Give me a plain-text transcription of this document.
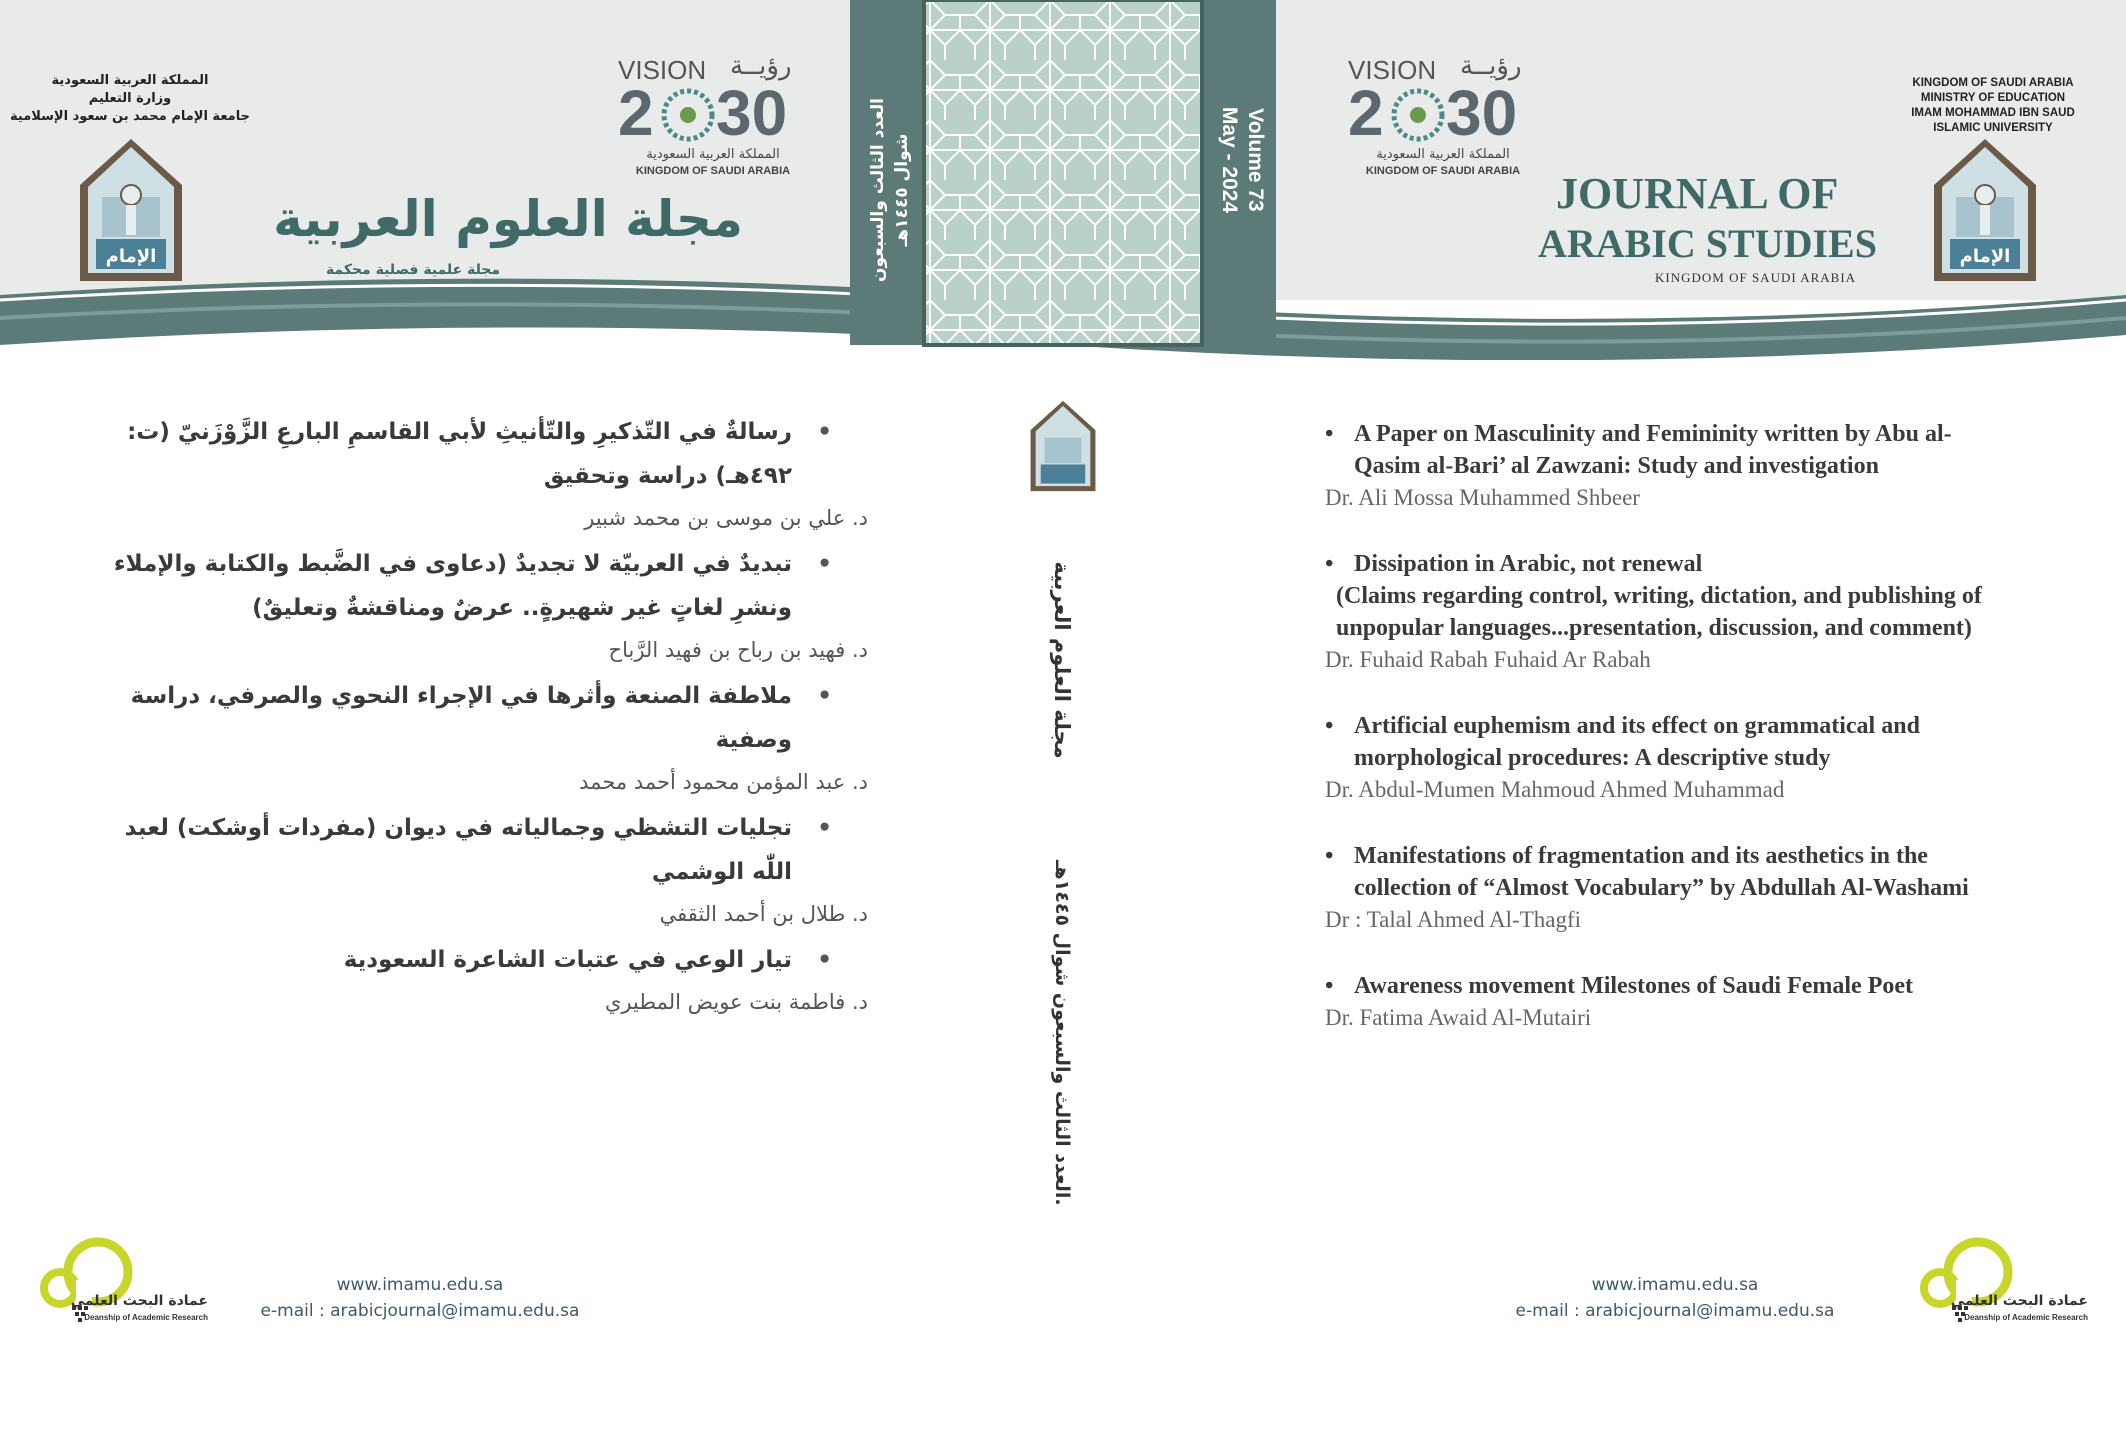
المملكة العربية السعودية
وزارة التعليم
جامعة الإمام محمد بن سعود الإسلامية
الإمام
VISION رؤيــة
2 30
المملكة العربية السعودية
KINGDOM OF SAUDI ARABIA
مجلة العلوم العربية
مجلة علمية فصلية محكمة
•
رسالةٌ في التّذكيرِ والتّأنيثِ لأبي القاسمِ البارعِ الزَّوْزَنيّ (ت: ٤٩٢هـ) دراسة وتحقيق
د. علي بن موسى بن محمد شبير
•
تبديدٌ في العربيّة لا تجديدٌ (دعاوى في الضَّبط والكتابة والإملاء ونشرِ لغاتٍ غير شهيرةٍ.. عرضٌ ومناقشةٌ وتعليقٌ)
د. فهيد بن رباح بن فهيد الرَّباح
•
ملاطفة الصنعة وأثرها في الإجراء النحوي والصرفي، دراسة وصفية
د. عبد المؤمن محمود أحمد محمد
•
تجليات التشظي وجمالياته في ديوان (مفردات أوشكت) لعبد اللّٰه الوشمي
د. طلال بن أحمد الثقفي
•
تيار الوعي في عتبات الشاعرة السعودية
د. فاطمة بنت عويض المطيري
عمادة البحث العلمي
Deanship of Academic Research
www.imamu.edu.sa
e-mail : arabicjournal@imamu.edu.sa
العدد الثالث والسبعون شوال ١٤٤٥هـ	Volume 73
May - 2024
مجلة العلوم العربية
العدد الثالث والسبعون شوال ١٤٤٥هـ.
VISION رؤيــة
2 30
المملكة العربية السعودية
KINGDOM OF SAUDI ARABIA JOURNAL OF
ARABIC STUDIES
KINGDOM OF SAUDI ARABIA
KINGDOM OF SAUDI ARABIA
MINISTRY OF EDUCATION
IMAM MOHAMMAD IBN SAUD
ISLAMIC UNIVERSITY
الإمام
• A Paper on Masculinity and Femininity written by Abu al-
Qasim al-Bari’ al Zawzani: Study and investigation
Dr. Ali Mossa Muhammed Shbeer
• Dissipation in Arabic, not renewal
(Claims regarding control, writing, dictation, and publishing of
unpopular languages...presentation, discussion, and comment)
Dr. Fuhaid Rabah Fuhaid Ar Rabah
• Artificial euphemism and its effect on grammatical and
morphological procedures: A descriptive study
Dr. Abdul-Mumen Mahmoud Ahmed Muhammad
• Manifestations of fragmentation and its aesthetics in the
collection of “Almost Vocabulary” by Abdullah Al-Washami
Dr : Talal Ahmed Al-Thagfi
• Awareness movement Milestones of Saudi Female Poet
Dr. Fatima Awaid Al-Mutairi
www.imamu.edu.sa
e-mail : arabicjournal@imamu.edu.sa	عمادة البحث العلمي
Deanship of Academic Research
